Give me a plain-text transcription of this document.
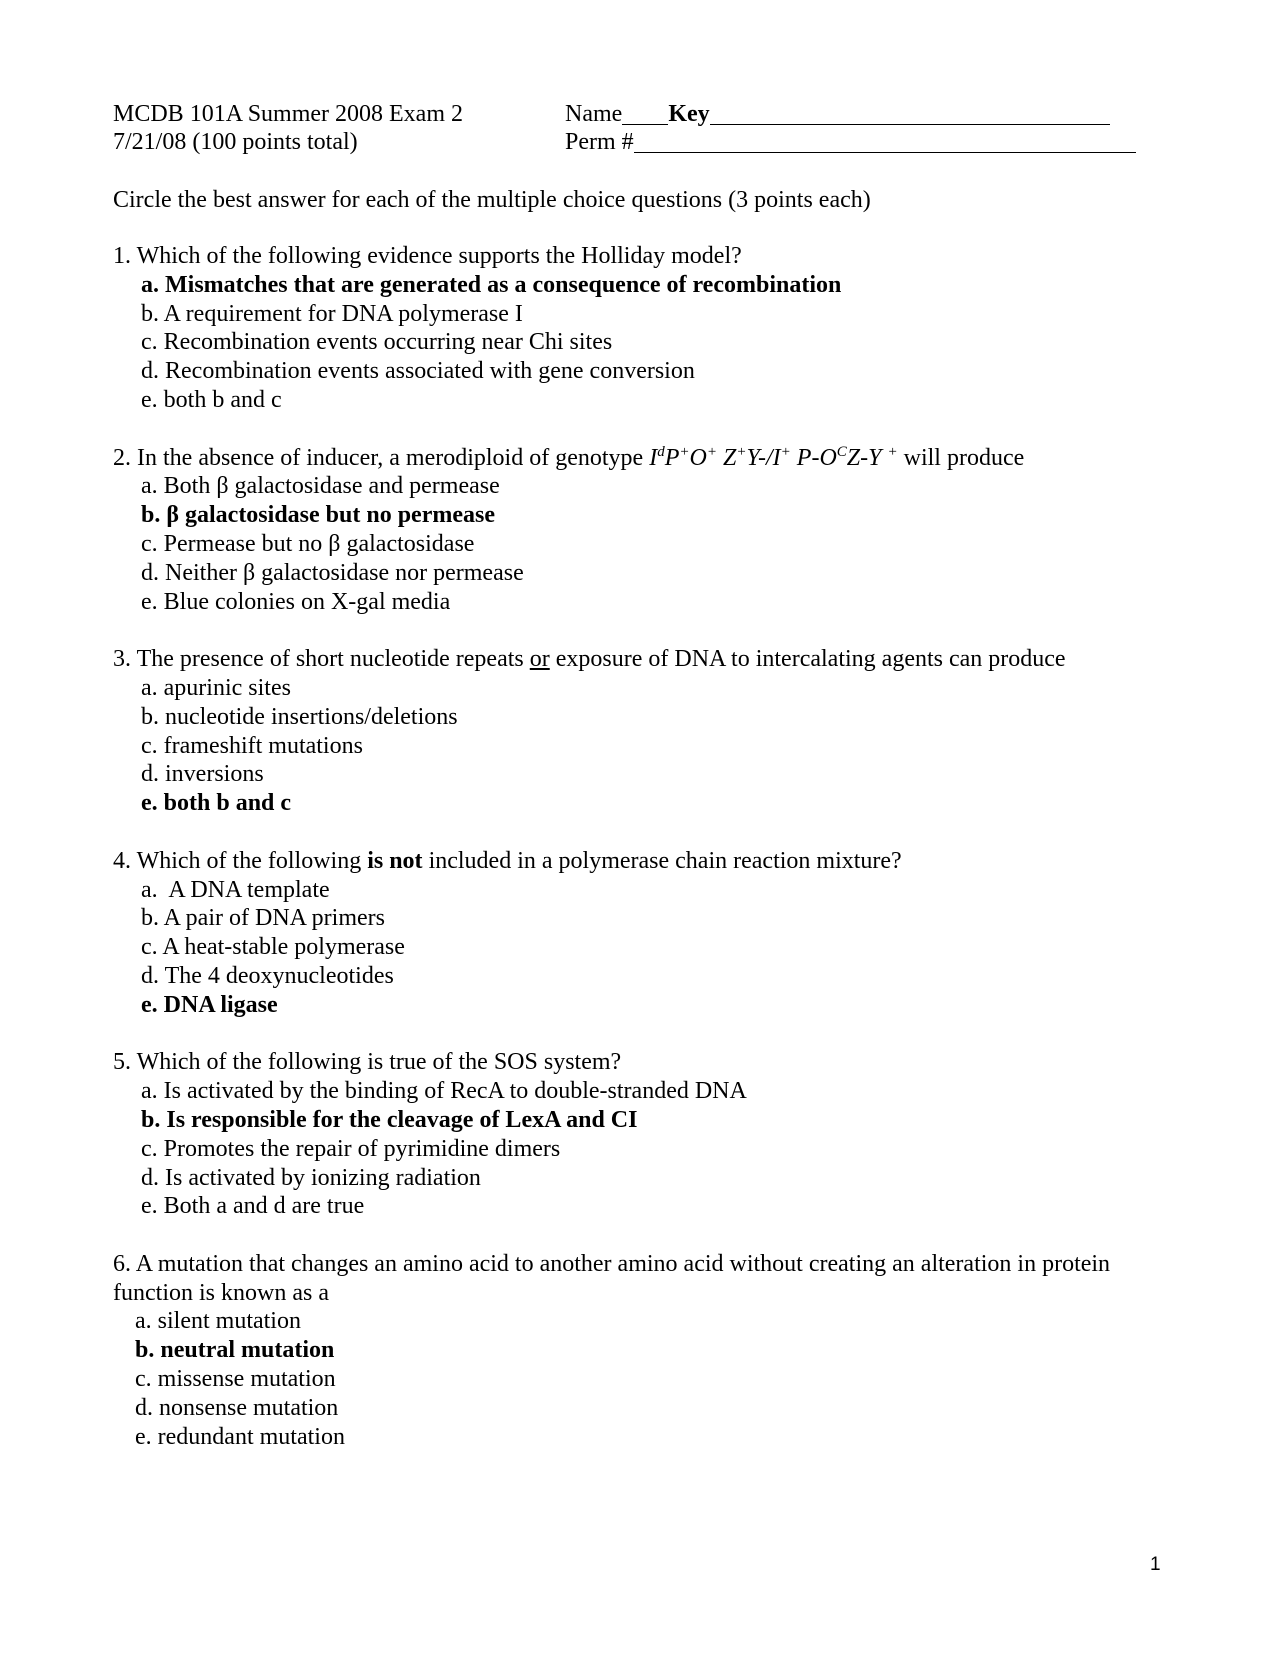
MCDB 101A Summer 2008 Exam 2
7/21/08 (100 points total)
Name Key
Perm #
Circle the best answer for each of the multiple choice questions (3 points each)

1. Which of the following evidence supports the Holliday model?

a. Mismatches that are generated as a consequence of recombination
b. A requirement for DNA polymerase I
c. Recombination events occurring near Chi sites
d. Recombination events associated with gene conversion
e. both b and c

2. In the absence of inducer, a merodiploid of genotype $I^dP^+O^+$ Z+Y-/I+ $P-O^CZ-Y$ + will produce

a. Both β galactosidase and permease
b. β galactosidase but no permease
c. Permease but no β galactosidase
d. Neither β galactosidase nor permease
e. Blue colonies on X-gal media

3. The presence of short nucleotide repeats or exposure of DNA to intercalating agents can produce

a. apurinic sites
b. nucleotide insertions/deletions
c. frameshift mutations
d. inversions
e. both b and c

4. Which of the following is not included in a polymerase chain reaction mixture?

a.  A DNA template
b. A pair of DNA primers
c. A heat-stable polymerase
d. The 4 deoxynucleotides
e. DNA ligase

5. Which of the following is true of the SOS system?

a. Is activated by the binding of RecA to double-stranded DNA
b. Is responsible for the cleavage of LexA and CI
c. Promotes the repair of pyrimidine dimers
d. Is activated by ionizing radiation
e. Both a and d are true

6. A mutation that changes an amino acid to another amino acid without creating an alteration in protein function is known as a

a. silent mutation
b. neutral mutation
c. missense mutation
d. nonsense mutation
e. redundant mutation
1
